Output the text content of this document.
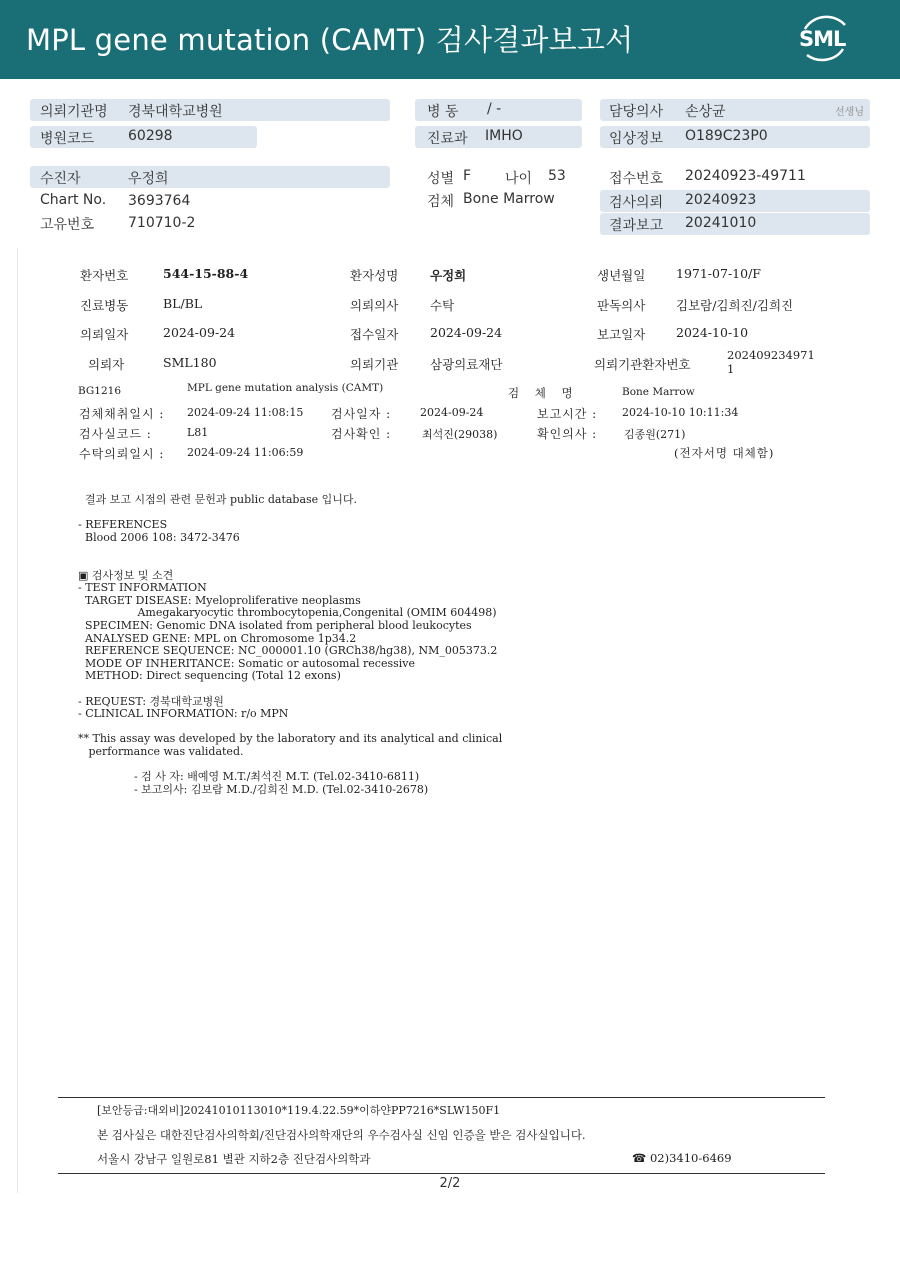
MPL gene mutation (CAMT) 검사결과보고서	SML
의뢰기관명 경북대학교병원
병원코드 60298
병 동 / -
진료과 IMHO
담당의사 손상균	선생님
임상정보 O189C23P0
수진자	우정희
Chart No. 3693764
고유번호 710710-2
성별 F 나이 53
검체 Bone Marrow
접수번호 20240923-49711
검사의뢰 20240923
결과보고 20241010
환자번호	544-15-88-4	환자성명	우정희	생년월일 1971-07-10/F
진료병동	BL/BL	의뢰의사	수탁	판독의사 김보람/김희진/김희진
의뢰일자	2024-09-24	접수일자	2024-09-24	보고일자 2024-10-10
의뢰자	SML180	의뢰기관	삼광의료재단	의뢰기관환자번호
202409234971
1
BG1216	MPL gene mutation analysis (CAMT)	검 체 명	Bone Marrow
검체채취일시 : 2024-09-24 11:08:15 검사일자 :	2024-09-24	보고시간 : 2024-10-10 10:11:34
검사실코드 :	L81	검사확인 :	최석진(29038)	확인의사 : 김종원(271)
수탁의뢰일시 : 2024-09-24 11:06:59	(전자서명 대체함)
결과 보고 시점의 관련 문헌과 public database 입니다.

- REFERENCES
Blood 2006 108: 3472-3476

▣ 검사정보 및 소견
- TEST INFORMATION
TARGET DISEASE: Myeloproliferative neoplasms
Amegakaryocytic thrombocytopenia,Congenital (OMIM 604498)
SPECIMEN: Genomic DNA isolated from peripheral blood leukocytes
ANALYSED GENE: MPL on Chromosome 1p34.2
REFERENCE SEQUENCE: NC_000001.10 (GRCh38/hg38), NM_005373.2
MODE OF INHERITANCE: Somatic or autosomal recessive
METHOD: Direct sequencing (Total 12 exons)

- REQUEST: 경북대학교병원
- CLINICAL INFORMATION: r/o MPN

** This assay was developed by the laboratory and its analytical and clinical
performance was validated.

- 검 사 자: 배예영 M.T./최석진 M.T. (Tel.02-3410-6811)
- 보고의사: 김보람 M.D./김희진 M.D. (Tel.02-3410-2678)
[보안등급:대외비]20241010113010*119.4.22.59*이하얀PP7216*SLW150F1
본 검사실은 대한진단검사의학회/진단검사의학재단의 우수검사실 신임 인증을 받은 검사실입니다.
서울시 강남구 일원로81 별관 지하2층 진단검사의학과	☎ 02)3410-6469
2/2
